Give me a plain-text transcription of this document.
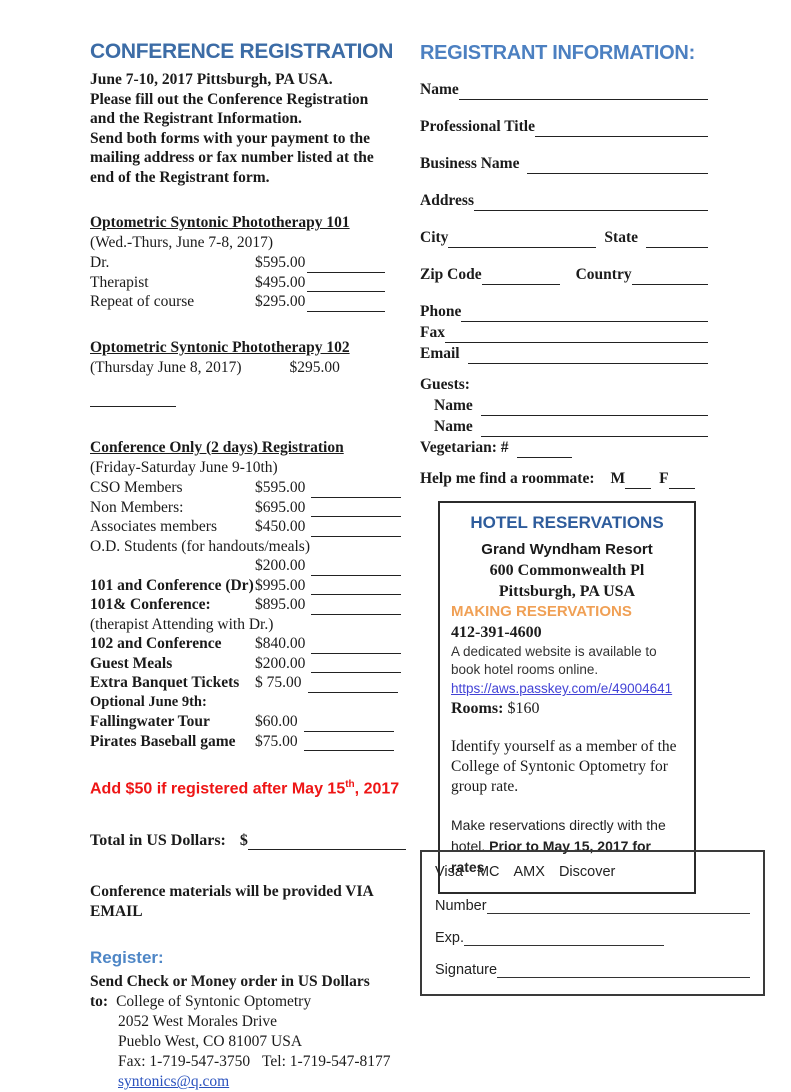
CONFERENCE REGISTRATION
June 7-10, 2017 Pittsburgh, PA USA.
Please fill out the Conference Registration
and the Registrant Information.
Send both forms with your payment to the
mailing address or fax number listed at the
end of the Registrant form.
Optometric Syntonic Phototherapy 101
(Wed.-Thurs, June 7-8, 2017)
Dr.	$595.00
Therapist	$495.00
Repeat of course	$295.00
Optometric Syntonic Phototherapy 102
(Thursday June 8, 2017)	$295.00
Conference Only (2 days) Registration
(Friday-Saturday June 9-10th)
CSO Members	$595.00
Non Members:	$695.00
Associates members	$450.00
O.D. Students (for handouts/meals)
$200.00
101 and Conference (Dr) $995.00
101& Conference:	$895.00
(therapist Attending with Dr.)
102 and Conference	$840.00
Guest Meals	$200.00
Extra Banquet Tickets	$ 75.00
Optional June 9th:
Fallingwater Tour	$60.00
Pirates Baseball game	$75.00
Add $50 if registered after May 15th, 2017
Total in US Dollars: $
Conference materials will be provided VIA EMAIL
Register:
Send Check or Money order in US Dollars
to: College of Syntonic Optometry
2052 West Morales Drive
Pueblo West, CO 81007 USA
Fax: 1-719-547-3750 Tel: 1-719-547-8177
syntonics@q.com
REGISTRANT INFORMATION:
Name
Professional Title
Business Name
Address
City	State
Zip Code	Country
Phone
Fax
Email
Guests:
Name
Name
Vegetarian: #
Help me find a roommate: M F
HOTEL RESERVATIONS
Grand Wyndham Resort
600 Commonwealth Pl
Pittsburgh, PA USA
MAKING RESERVATIONS
412-391-4600
A dedicated website is available to book hotel rooms online.
https://aws.passkey.com/e/49004641
Rooms: $160
Identify yourself as a member of the College of Syntonic Optometry for group rate.
Make reservations directly with the hotel. Prior to May 15, 2017 for rates
Visa MC AMX Discover
Number
Exp.
Signature
